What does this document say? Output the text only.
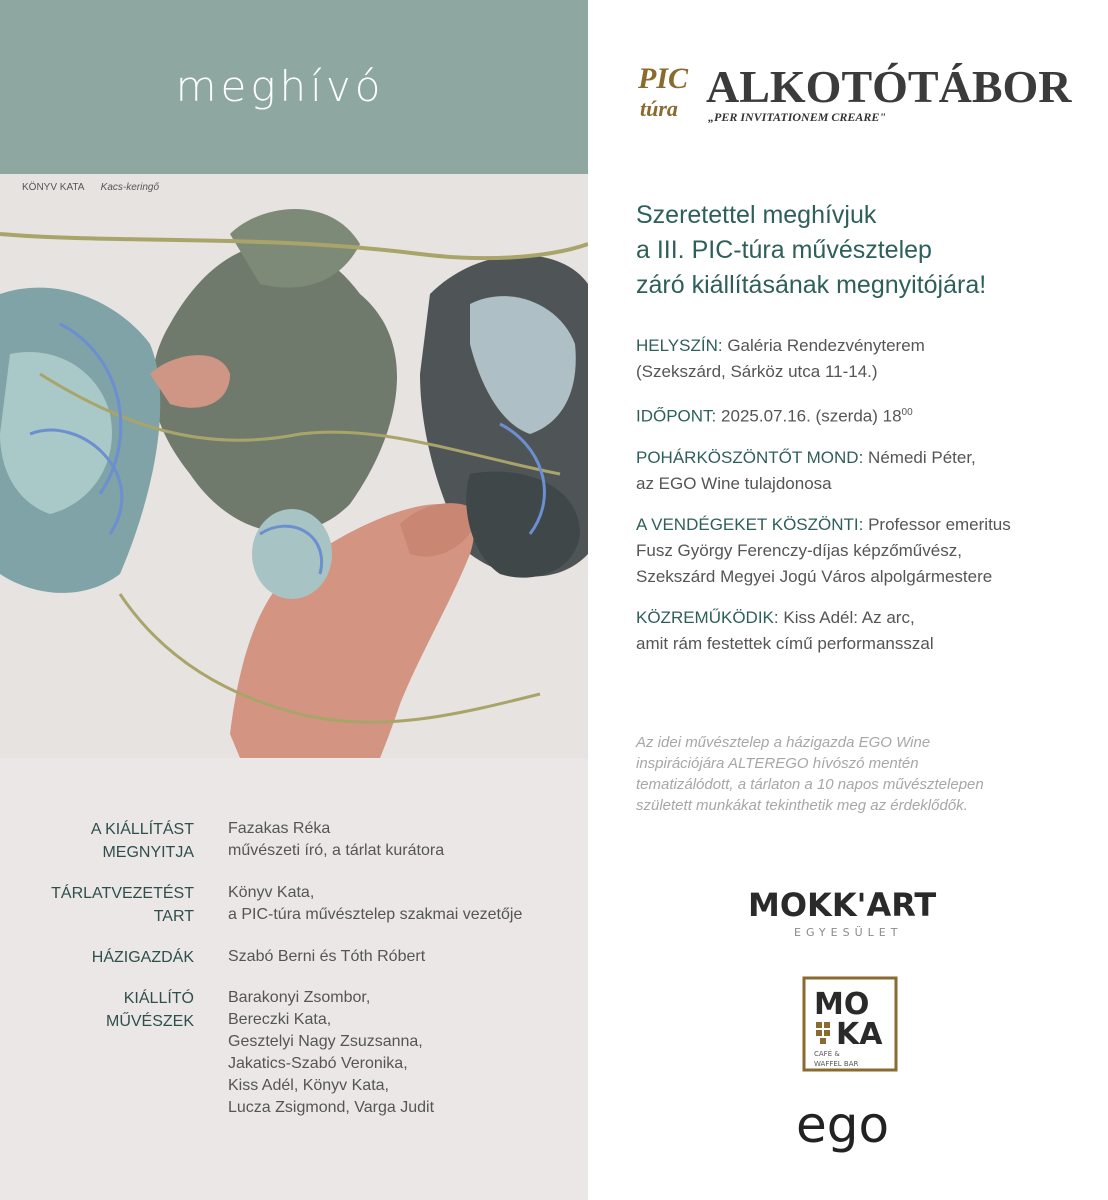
meghívó
KÖNYV KATA Kacs-keringő
A KIÁLLÍTÁST
MEGNYITJA
Fazakas Réka
művészeti író, a tárlat kurátora
TÁRLATVEZETÉST
TART
Könyv Kata,
a PIC-túra művésztelep szakmai vezetője
HÁZIGAZDÁK Szabó Berni és Tóth Róbert
KIÁLLÍTÓ
MŰVÉSZEK
Barakonyi Zsombor,
Bereczki Kata,
Gesztelyi Nagy Zsuzsanna,
Jakatics-Szabó Veronika,
Kiss Adél, Könyv Kata,
Lucza Zsigmond, Varga Judit
PIC
túra ALKOTÓTÁBOR
„PER INVITATIONEM CREARE"
Szeretettel meghívjuk
a III. PIC-túra művésztelep
záró kiállításának megnyitójára!
HELYSZÍN: Galéria Rendezvényterem
(Szekszárd, Sárköz utca 11-14.)
IDŐPONT: 2025.07.16. (szerda) $18^{00}$
POHÁRKÖSZÖNTŐT MOND: Némedi Péter,
az EGO Wine tulajdonosa
A VENDÉGEKET KÖSZÖNTI: Professor emeritus
Fusz György Ferenczy-díjas képzőművész,
Szekszárd Megyei Jogú Város alpolgármestere
KÖZREMŰKÖDIK: Kiss Adél: Az arc,
amit rám festettek című performansszal
Az idei művésztelep a házigazda EGO Wine
inspirációjára ALTEREGO hívószó mentén
tematizálódott, a tárlaton a 10 napos művésztelepen
született munkákat tekinthetik meg az érdeklődők.
MOKK'ART
EGYESÜLET
MO
KA
CAFÉ &
WAFFEL BAR
ego
